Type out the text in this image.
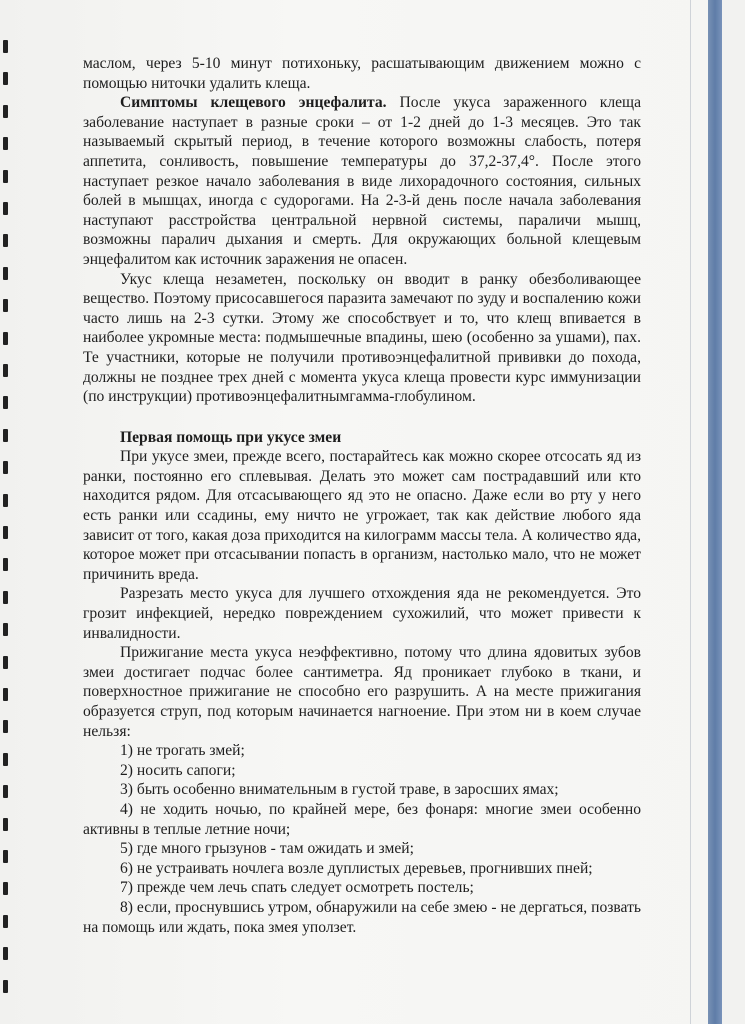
маслом, через 5-10 минут потихоньку, расшатывающим движением можно с помощью ниточки удалить клеща.

Симптомы клещевого энцефалита. После укуса зараженного клеща заболевание наступает в разные сроки – от 1-2 дней до 1-3 месяцев. Это так называемый скрытый период, в течение которого возможны слабость, потеря аппетита, сонливость, повышение температуры до 37,2-37,4°. После этого наступает резкое начало заболевания в виде лихорадочного состояния, сильных болей в мышцах, иногда с судорогами. На 2-3-й день после начала заболевания наступают расстройства центральной нервной системы, параличи мышц, возможны паралич дыхания и смерть. Для окружающих больной клещевым энцефалитом как источник заражения не опасен.

Укус клеща незаметен, поскольку он вводит в ранку обезболивающее вещество. Поэтому присосавшегося паразита замечают по зуду и воспалению кожи часто лишь на 2-3 сутки. Этому же способствует и то, что клещ впивается в наиболее укромные места: подмышечные впадины, шею (особенно за ушами), пах. Те участники, которые не получили противоэнцефалитной прививки до похода, должны не позднее трех дней с момента укуса клеща провести курс иммунизации (по инструкции) противоэнцефалитнымгамма-глобулином.

Первая помощь при укусе змеи

При укусе змеи, прежде всего, постарайтесь как можно скорее отсосать яд из ранки, постоянно его сплевывая. Делать это может сам пострадавший или кто находится рядом. Для отсасывающего яд это не опасно. Даже если во рту у него есть ранки или ссадины, ему ничто не угрожает, так как действие любого яда зависит от того, какая доза приходится на килограмм массы тела. А количество яда, которое может при отсасывании попасть в организм, настолько мало, что не может причинить вреда.

Разрезать место укуса для лучшего отхождения яда не рекомендуется. Это грозит инфекцией, нередко повреждением сухожилий, что может привести к инвалидности.

Прижигание места укуса неэффективно, потому что длина ядовитых зубов змеи достигает подчас более сантиметра. Яд проникает глубоко в ткани, и поверхностное прижигание не способно его разрушить. А на месте прижигания образуется струп, под которым начинается нагноение. При этом ни в коем случае нельзя:

1) не трогать змей;

2) носить сапоги;

3) быть особенно внимательным в густой траве, в заросших ямах;

4) не ходить ночью, по крайней мере, без фонаря: многие змеи особенно активны в теплые летние ночи;

5) где много грызунов - там ожидать и змей;

6) не устраивать ночлега возле дуплистых деревьев, прогнивших пней;

7) прежде чем лечь спать следует осмотреть постель;

8) если, проснувшись утром, обнаружили на себе змею - не дергаться, позвать на помощь или ждать, пока змея уползет.
